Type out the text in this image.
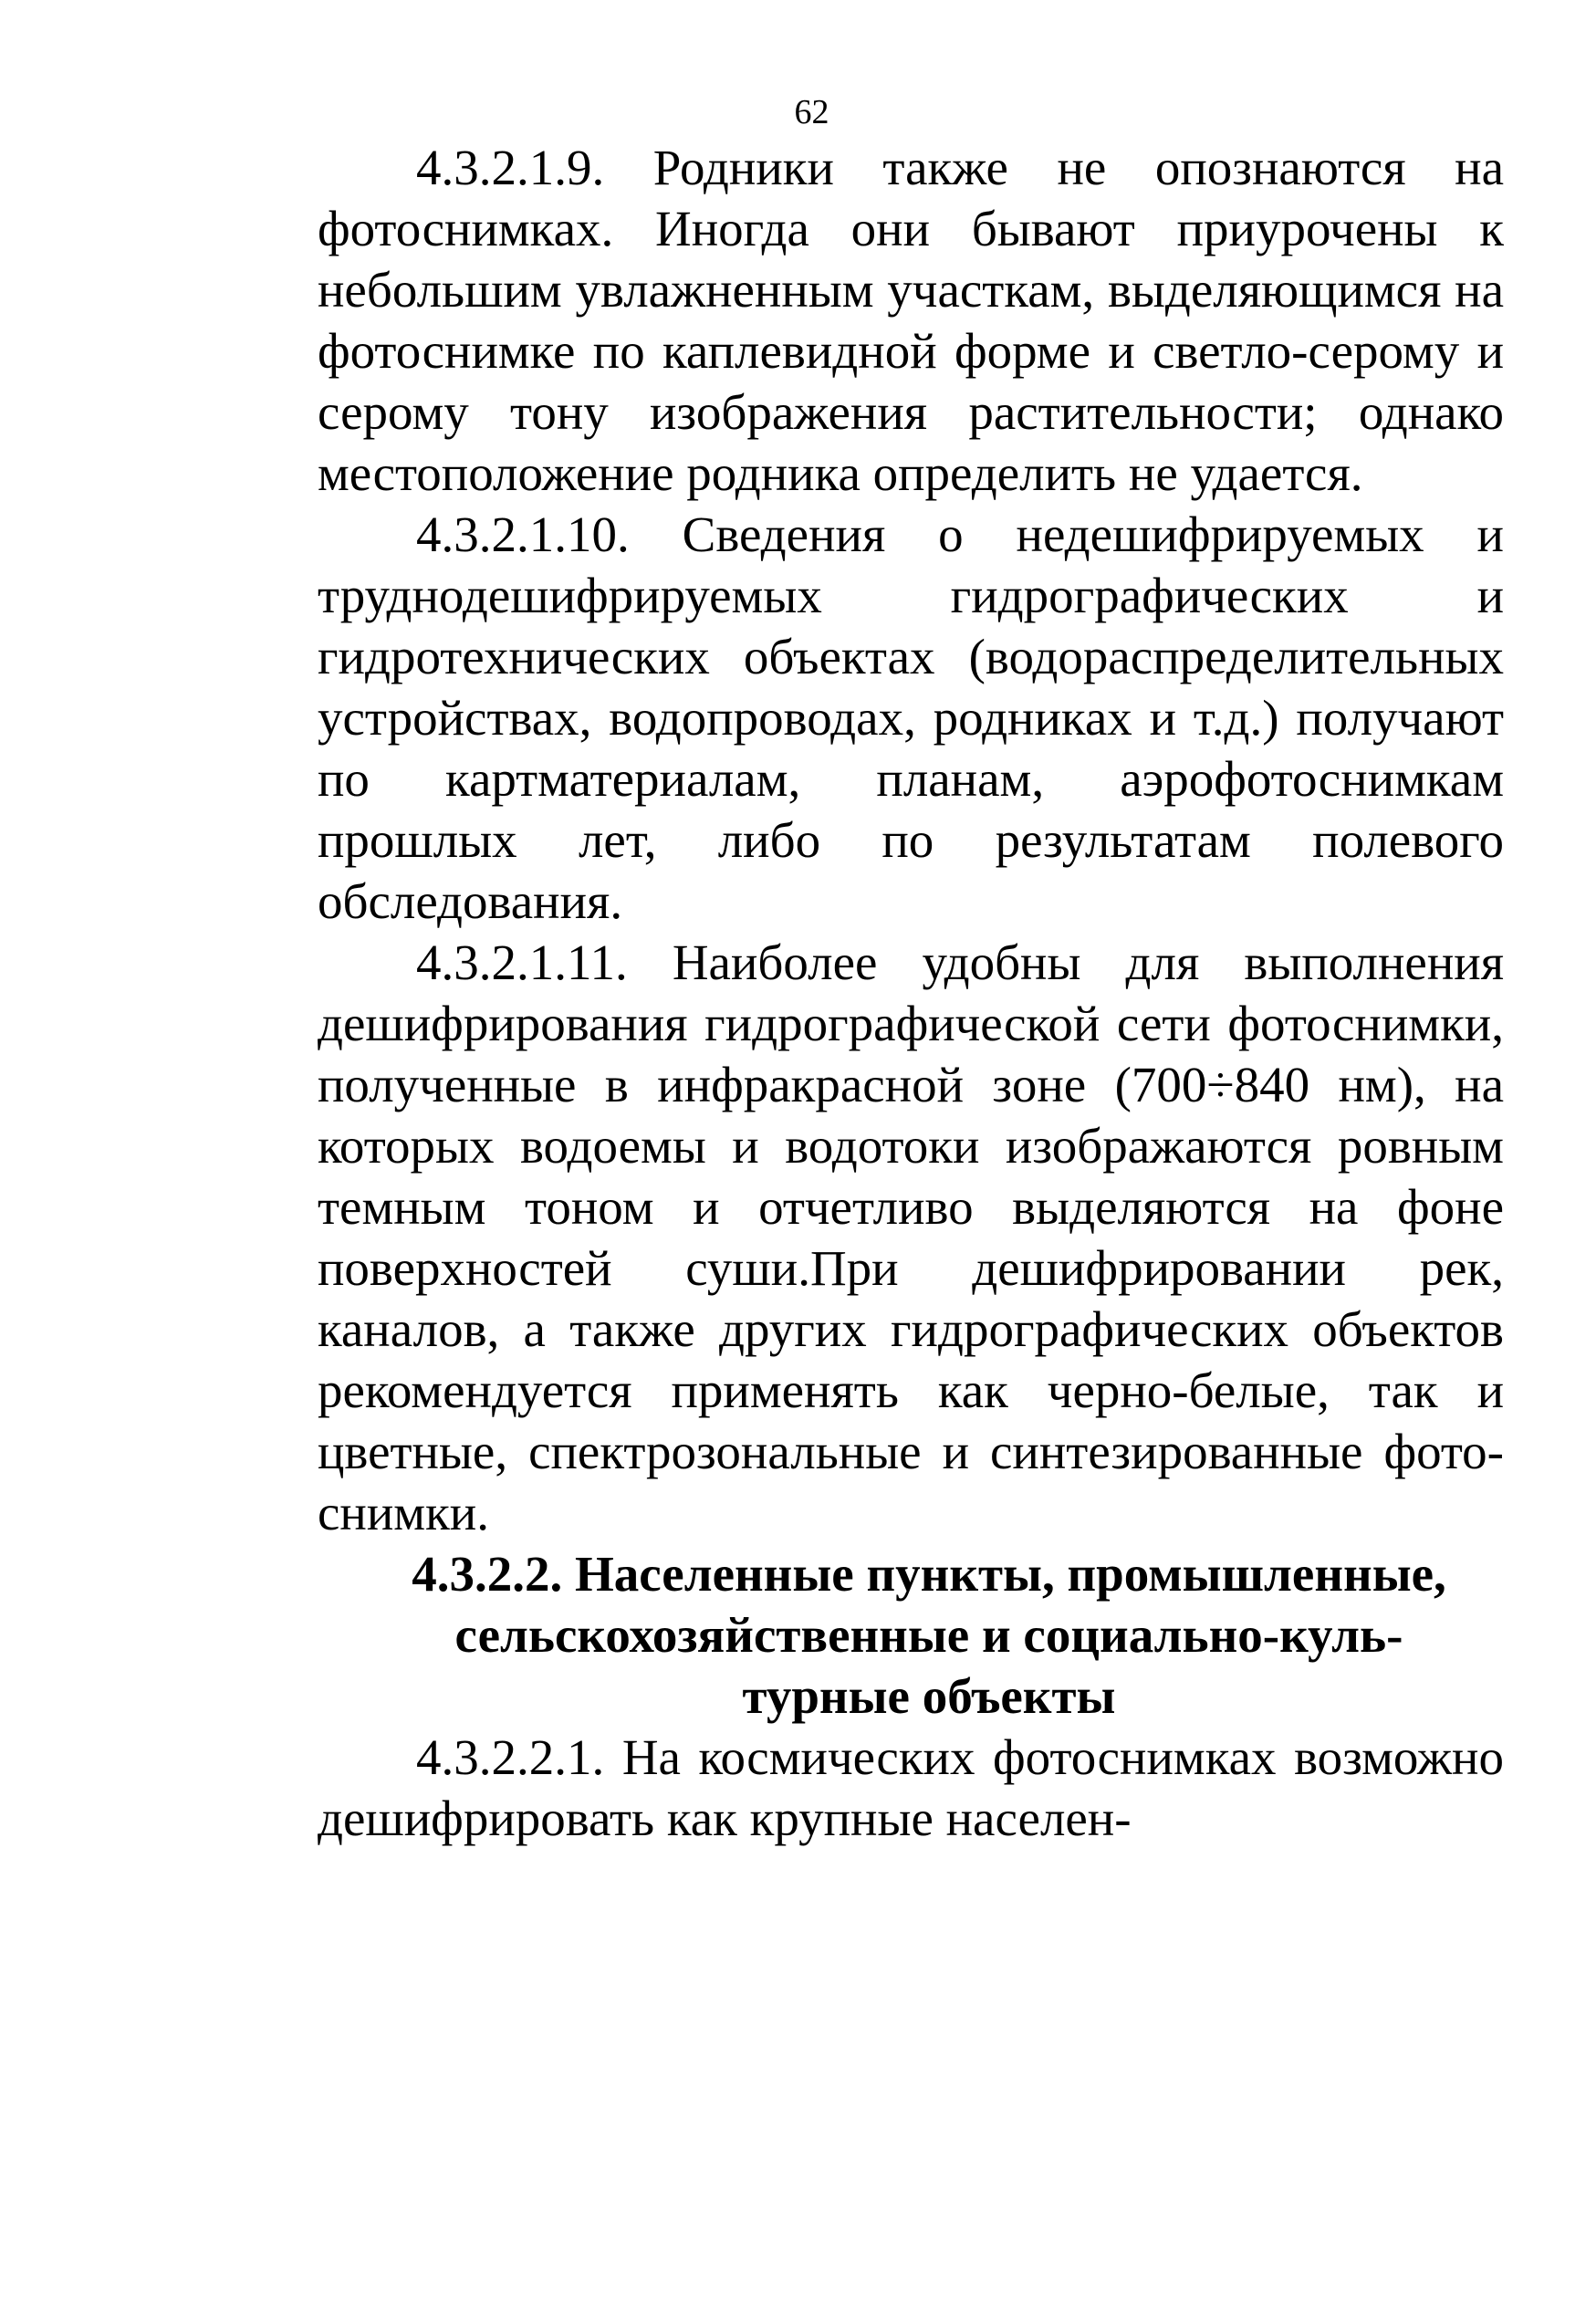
62

4.3.2.1.9. Родники также не опознаются на фотоснимках. Иногда они бывают приурочены к небольшим увлажненным участкам, выделяющимся на фотоснимке по каплевидной форме и светло-серому и серому тону изображения растительности; однако местоположение родника определить не удается.

4.3.2.1.10. Сведения о недешифрируемых и труднодешифрируемых гидрографических и гидротехнических объектах (водораспределительных устройствах, водопроводах, родниках и т.д.) получают по картматериалам, планам, аэрофотоснимкам прошлых лет, либо по результатам полевого обследования.

4.3.2.1.11. Наиболее удобны для выполнения дешифрирования гидрографической сети фотоснимки, полученные в инфракрасной зоне (700÷840 нм), на которых водоемы и водотоки изображаются ровным темным тоном и отчетливо выделяются на фоне поверхностей суши.При дешифрировании рек, каналов, а также других гидрографических объектов рекомендуется применять как черно-белые, так и цветные, спектрозональные и синтезированные фотоснимки.

4.3.2.2. Населенные пункты, промышленные,
сельскохозяйственные и социально-куль-
турные объекты

4.3.2.2.1. На космических фотоснимках возможно дешифрировать как крупные населен-
